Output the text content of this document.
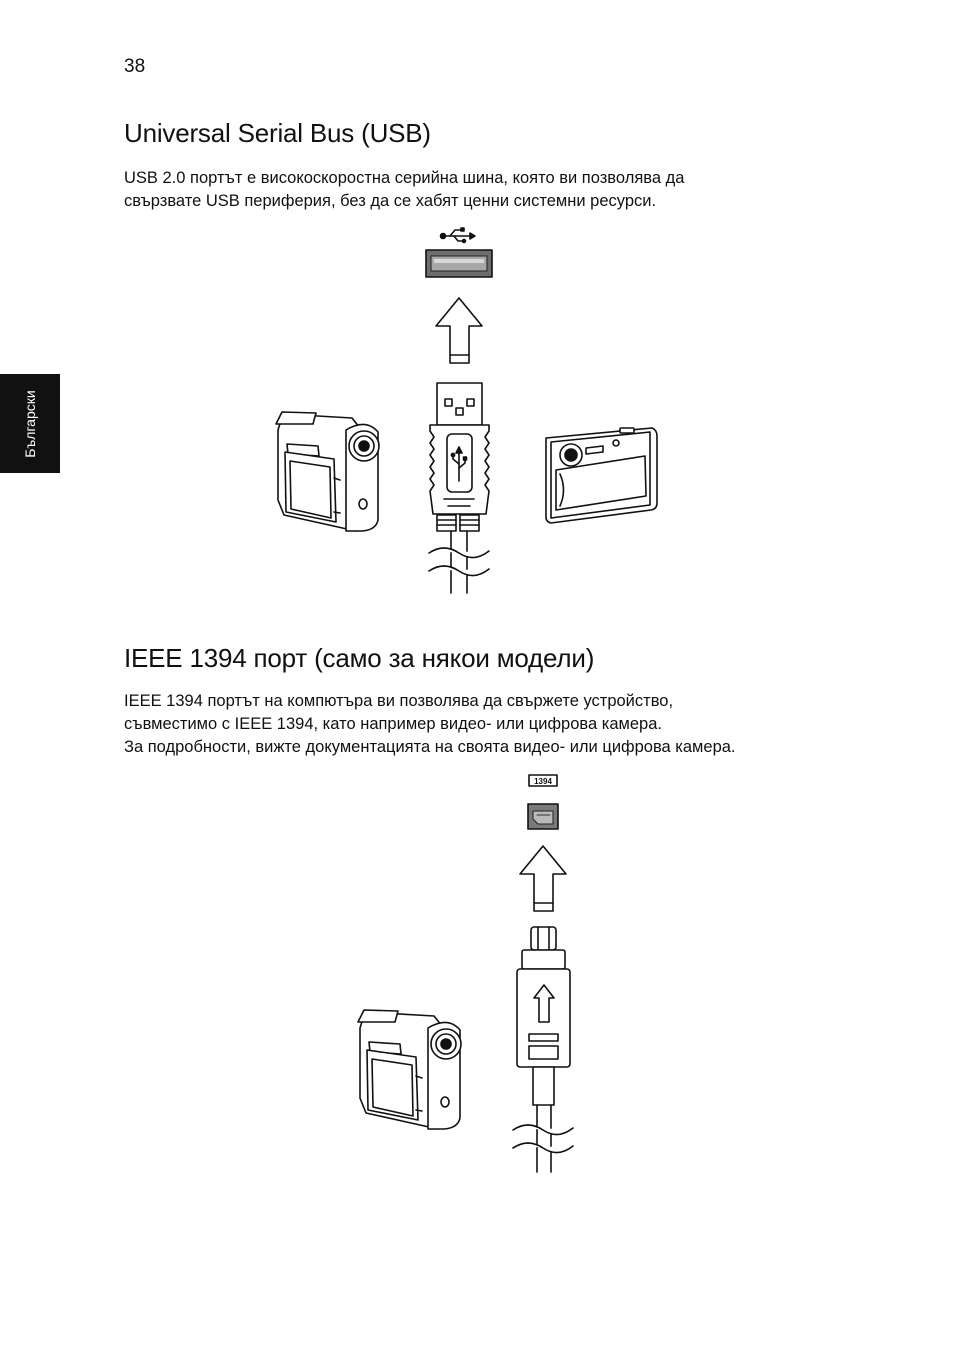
38
Български
Universal Serial Bus (USB)
USB 2.0 портът е високоскоростна серийна шина, която ви позволява да
свързвате USB периферия, без да се хабят ценни системни ресурси.
IEEE 1394 порт (само за някои модели)
IEEE 1394 портът на компютъра ви позволява да свържете устройство,
съвместимо с IEEE 1394, като например видео- или цифрова камера.
За подробности, вижте документацията на своята видео- или цифрова камера.
1394
